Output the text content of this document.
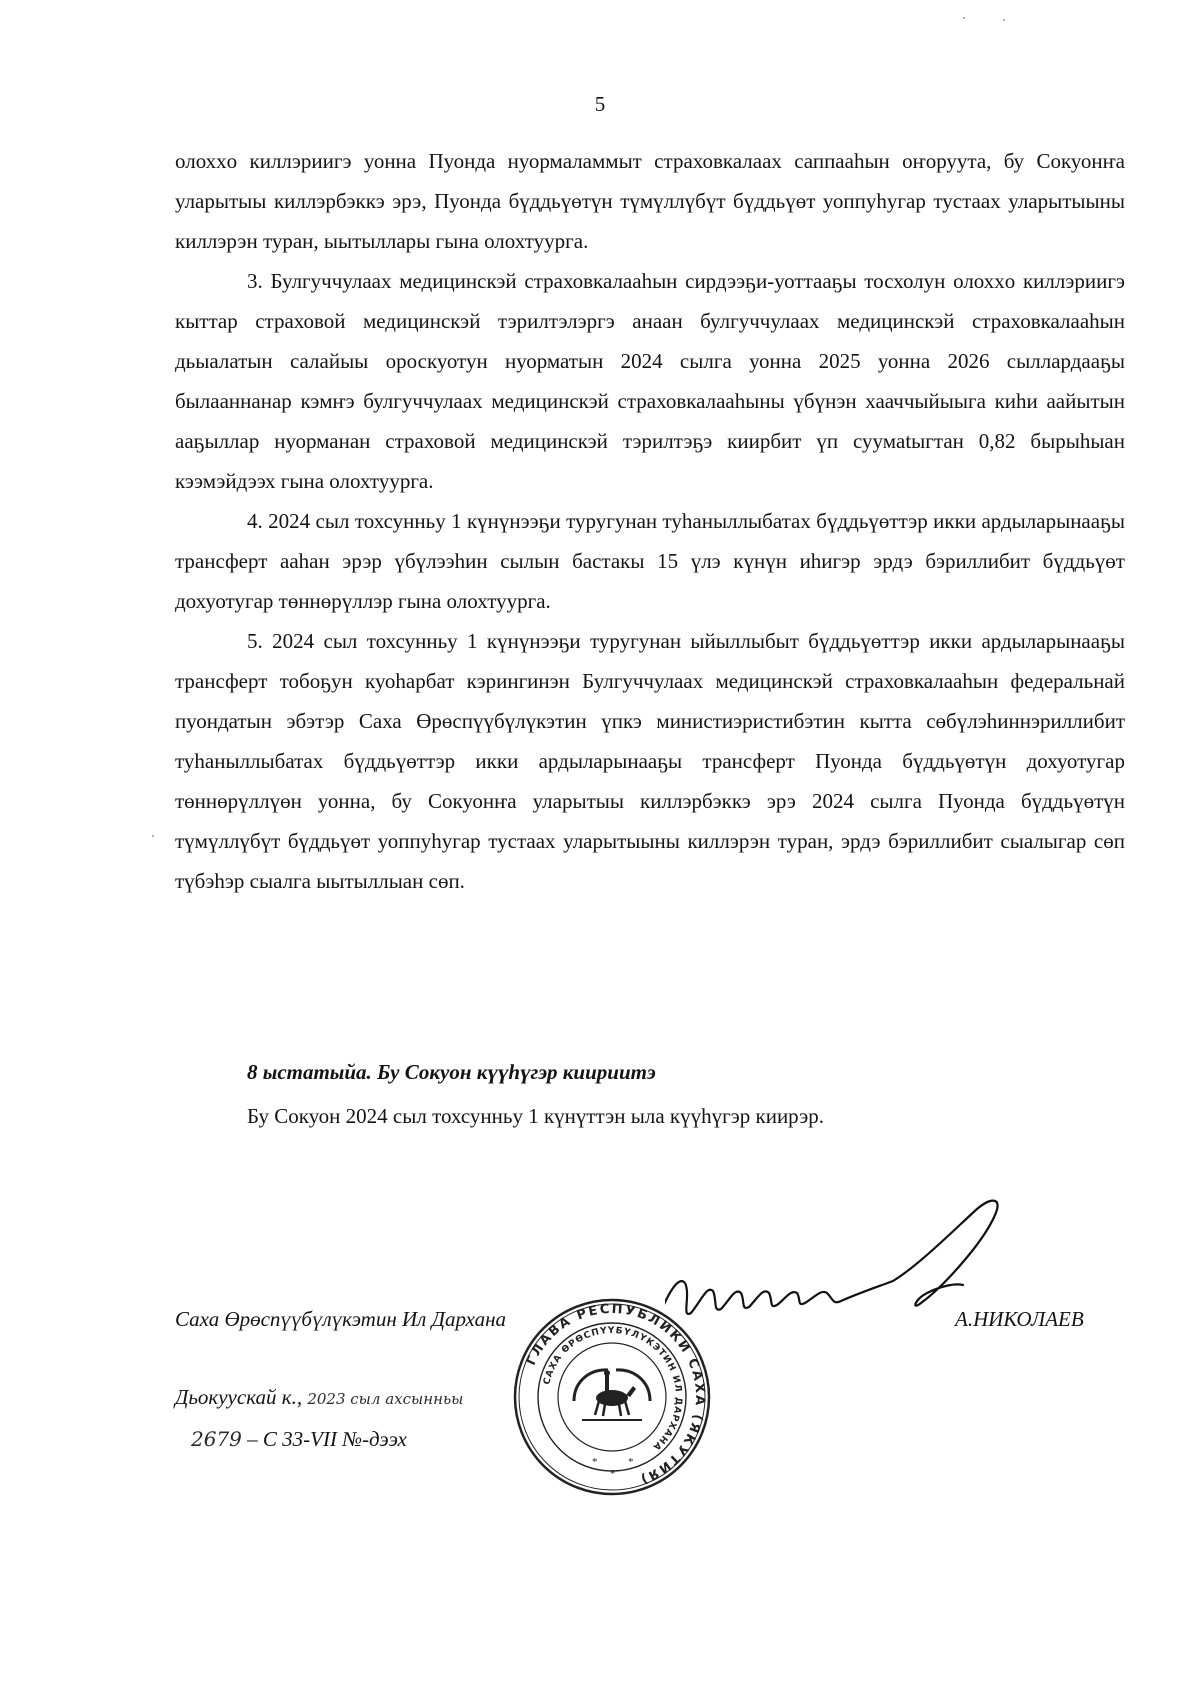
5

олохxо киллэриигэ уонна Пуонда нуормаламмыт страховкалаах саппааһын оҥоруута, бу Сокуонҥа уларытыы киллэрбэккэ эрэ, Пуонда бүддьүөтүн түмүллүбүт бүддьүөт уоппуһугар тустаах уларытыыны киллэрэн туран, ыытыллары гына олохтуурга.

3. Булгуччулаах медицинскэй страховкалааһын сирдээҕи-уоттааҕы тосхолун олохxо киллэриигэ кыттар страховой медицинскэй тэрилтэлэргэ анаан булгуччулаах медицинскэй страховкалааһын дьыалатын салайыы ороскуотун нуорматын 2024 сылга уонна 2025 уонна 2026 сыллардааҕы былааннанар кэмҥэ булгуччулаах медицинскэй страховкалааһыны үбүнэн хааччыйыыга киһи аайытын ааҕыллар нуорманан страховой медицинскэй тэрилтэҕэ киирбит үп суумatыгтан 0,82 бырыһыан кээмэйдээх гына олохтуурга.

4. 2024 сыл тохсунньу 1 күнүнээҕи туругунан туһаныллыбатах бүддьүөттэр икки ардыларынааҕы трансферт ааһан эрэр үбүлээһин сылын бастакы 15 үлэ күнүн иһигэр эрдэ бэриллибит бүддьүөт дохуотугар төннөрүллэр гына олохтуурга.

5. 2024 сыл тохсунньу 1 күнүнээҕи туругунан ыйыллыбыт бүддьүөттэр икки ардыларынааҕы трансферт тобоҕун куоһарбат кэрингинэн Булгуччулаах медицинскэй страховкалааһын федеральнай пуондатын эбэтэр Саха Өрөспүүбүлүкэтин үпкэ министиэристибэтин кытта сөбүлэһиннэриллибит туһаныллыбатах бүддьүөттэр икки ардыларынааҕы трансферт Пуонда бүддьүөтүн дохуотугар төннөрүллүөн уонна, бу Сокуонҥа уларытыы киллэрбэккэ эрэ 2024 сылга Пуонда бүддьүөтүн түмүллүбүт бүддьүөт уоппуһугар тустаах уларытыыны киллэрэн туран, эрдэ бэриллибит сыалыгар сөп түбэһэр сыалга ыытыллыан сөп.

8 ыстатыйа. Бу Сокуон күүһүгэр киириитэ

Бу Сокуон 2024 сыл тохсунньу 1 күнүттэн ыла күүһүгэр киирэр.

Саха Өрөспүүбүлүкэтин Ил Дархана	А.НИКОЛАЕВ
Дьокуускай к., 2023 сыл ахсынньы
2679 – С 33-VII №-дээх
ГЛАВА РЕСПУБЛИКИ САХА (ЯКУТИЯ)
САХА ӨРӨСПҮҮБҮЛҮКЭТИН ИЛ ДАРХАНА
*	*
*
